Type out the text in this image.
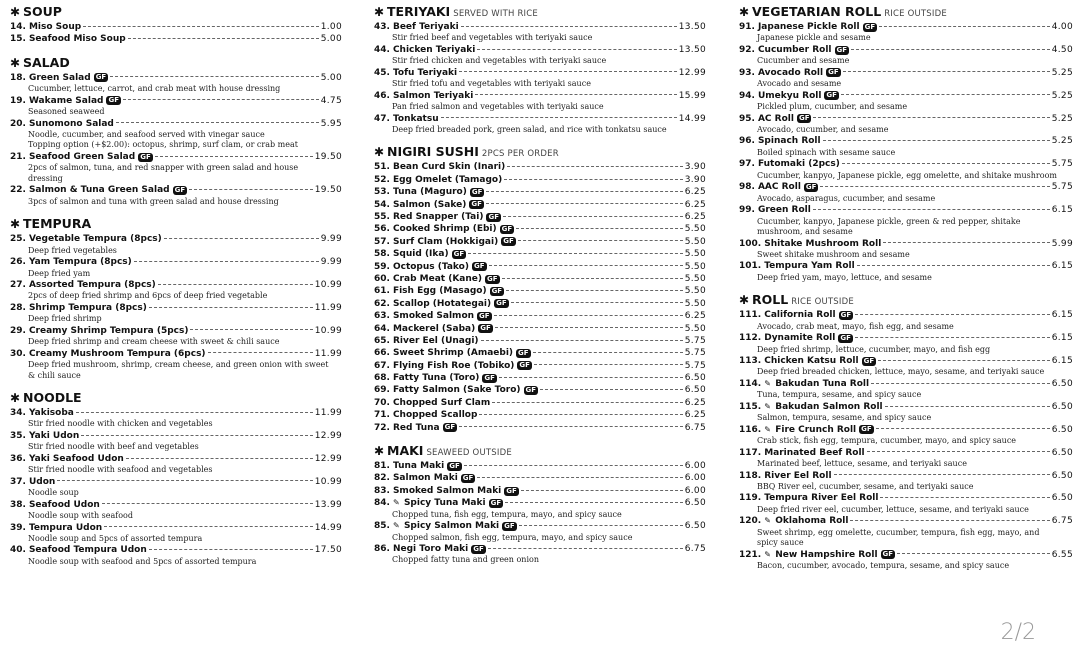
✱ SOUP
14. Miso Soup	1.00
15. Seafood Miso Soup	5.00
✱ SALAD
18. Green Salad GF	5.00
Cucumber, lettuce, carrot, and crab meat with house dressing
19. Wakame Salad GF	4.75
Seasoned seaweed
20. Sunomono Salad	5.95
Noodle, cucumber, and seafood served with vinegar sauce
Topping option (+$2.00): octopus, shrimp, surf clam, or crab meat
21. Seafood Green Salad GF	19.50
2pcs of salmon, tuna, and red snapper with green salad and house
dressing
22. Salmon & Tuna Green Salad GF	19.50
3pcs of salmon and tuna with green salad and house dressing
✱ TEMPURA
25. Vegetable Tempura (8pcs)	9.99
Deep fried vegetables
26. Yam Tempura (8pcs)	9.99
Deep fried yam
27. Assorted Tempura (8pcs)	10.99
2pcs of deep fried shrimp and 6pcs of deep fried vegetable
28. Shrimp Tempura (8pcs)	11.99
Deep fried shrimp
29. Creamy Shrimp Tempura (5pcs)	10.99
Deep fried shrimp and cream cheese with sweet & chili sauce
30. Creamy Mushroom Tempura (6pcs)	11.99
Deep fried mushroom, shrimp, cream cheese, and green onion with sweet
& chili sauce
✱ NOODLE
34. Yakisoba	11.99
Stir fried noodle with chicken and vegetables
35. Yaki Udon	12.99
Stir fried noodle with beef and vegetables
36. Yaki Seafood Udon	12.99
Stir fried noodle with seafood and vegetables
37. Udon	10.99
Noodle soup
38. Seafood Udon	13.99
Noodle soup with seafood
39. Tempura Udon	14.99
Noodle soup and 5pcs of assorted tempura
40. Seafood Tempura Udon	17.50
Noodle soup with seafood and 5pcs of assorted tempura
✱ TERIYAKI SERVED WITH RICE
43. Beef Teriyaki	13.50
Stir fried beef and vegetables with teriyaki sauce
44. Chicken Teriyaki	13.50
Stir fried chicken and vegetables with teriyaki sauce
45. Tofu Teriyaki	12.99
Stir fried tofu and vegetables with teriyaki sauce
46. Salmon Teriyaki	15.99
Pan fried salmon and vegetables with teriyaki sauce
47. Tonkatsu	14.99
Deep fried breaded pork, green salad, and rice with tonkatsu sauce
✱ NIGIRI SUSHI 2PCS PER ORDER
51. Bean Curd Skin (Inari)	3.90
52. Egg Omelet (Tamago)	3.90
53. Tuna (Maguro) GF	6.25
54. Salmon (Sake) GF	6.25
55. Red Snapper (Tai) GF	6.25
56. Cooked Shrimp (Ebi) GF	5.50
57. Surf Clam (Hokkigai) GF	5.50
58. Squid (Ika) GF	5.50
59. Octopus (Tako) GF	5.50
60. Crab Meat (Kane) GF	5.50
61. Fish Egg (Masago) GF	5.50
62. Scallop (Hotategai) GF	5.50
63. Smoked Salmon GF	6.25
64. Mackerel (Saba) GF	5.50
65. River Eel (Unagi)	5.75
66. Sweet Shrimp (Amaebi) GF	5.75
67. Flying Fish Roe (Tobiko) GF	5.75
68. Fatty Tuna (Toro) GF	6.50
69. Fatty Salmon (Sake Toro) GF	6.50
70. Chopped Surf Clam	6.25
71. Chopped Scallop	6.25
72. Red Tuna GF	6.75
✱ MAKI SEAWEED OUTSIDE
81. Tuna Maki GF	6.00
82. Salmon Maki GF	6.00
83. Smoked Salmon Maki GF	6.00
84. ✎ Spicy Tuna Maki GF	6.50
Chopped tuna, fish egg, tempura, mayo, and spicy sauce
85. ✎ Spicy Salmon Maki GF	6.50
Chopped salmon, fish egg, tempura, mayo, and spicy sauce
86. Negi Toro Maki GF	6.75
Chopped fatty tuna and green onion
✱ VEGETARIAN ROLL RICE OUTSIDE
91. Japanese Pickle Roll GF	4.00
Japanese pickle and sesame
92. Cucumber Roll GF	4.50
Cucumber and sesame
93. Avocado Roll GF	5.25
Avocado and sesame
94. Umekyu Roll GF	5.25
Pickled plum, cucumber, and sesame
95. AC Roll GF	5.25
Avocado, cucumber, and sesame
96. Spinach Roll	5.25
Boiled spinach with sesame sauce
97. Futomaki (2pcs)	5.75
Cucumber, kanpyo, Japanese pickle, egg omelette, and shitake mushroom
98. AAC Roll GF	5.75
Avocado, asparagus, cucumber, and sesame
99. Green Roll	6.15
Cucumber, kanpyo, Japanese pickle, green & red pepper, shitake
mushroom, and sesame
100. Shitake Mushroom Roll	5.99
Sweet shitake mushroom and sesame
101. Tempura Yam Roll	6.15
Deep fried yam, mayo, lettuce, and sesame
✱ ROLL RICE OUTSIDE
111. California Roll GF	6.15
Avocado, crab meat, mayo, fish egg, and sesame
112. Dynamite Roll GF	6.15
Deep fried shrimp, lettuce, cucumber, mayo, and fish egg
113. Chicken Katsu Roll GF	6.15
Deep fried breaded chicken, lettuce, mayo, sesame, and teriyaki sauce
114. ✎ Bakudan Tuna Roll	6.50
Tuna, tempura, sesame, and spicy sauce
115. ✎ Bakudan Salmon Roll	6.50
Salmon, tempura, sesame, and spicy sauce
116. ✎ Fire Crunch Roll GF	6.50
Crab stick, fish egg, tempura, cucumber, mayo, and spicy sauce
117. Marinated Beef Roll	6.50
Marinated beef, lettuce, sesame, and teriyaki sauce
118. River Eel Roll	6.50
BBQ River eel, cucumber, sesame, and teriyaki sauce
119. Tempura River Eel Roll	6.50
Deep fried river eel, cucumber, lettuce, sesame, and teriyaki sauce
120. ✎ Oklahoma Roll	6.75
Sweet shrimp, egg omelette, cucumber, tempura, fish egg, mayo, and
spicy sauce
121. ✎ New Hampshire Roll GF	6.55
Bacon, cucumber, avocado, tempura, sesame, and spicy sauce
2/2
